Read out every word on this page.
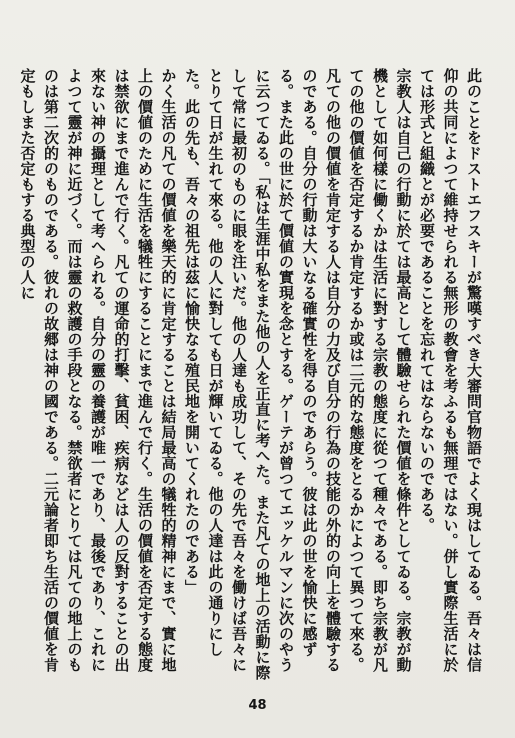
此のことをドストエフスキーが驚嘆すべき大審問官物語でよく現はしてゐる。吾々は信仰の共同によつて維持せられる無形の教會を考ふるも無理ではない。併し實際生活に於ては形式と組織とが必要であることを忘れてはならないのである。

宗教人は自己の行動に於ては最高として體驗せられた價値を條件としてゐる。宗教が動機として如何樣に働くかは生活に對する宗教の態度に從つて種々である。即ち宗教が凡ての他の價値を否定するか肯定するか或は二元的な態度をとるかによつて異つて來る。凡ての他の價値を肯定する人は自分の力及び自分の行為の技能の外的の向上を體驗するのである。自分の行動は大いなる確實性を得るのであらう。彼は此の世を愉快に感ずる。また此の世に於て價値の實現を念とする。ゲーテが曾つてエッケルマンに次のやうに云つてゐる。「私は生涯中私をまた他の人を正直に考へた。また凡ての地上の活動に際して常に最初のものに眼を注いだ。他の人達も成功して、その先で吾々を働けば吾々にとりて日が生れて來る。他の人に對しても日が輝いてゐる。他の人達は此の通りにした。此の先も、吾々の祖先は茲に愉快なる殖民地を開いてくれたのである」

かく生活の凡ての價値を樂天的に肯定することは結局最高の犠牲的精神にまで、實に地上の價値のために生活を犠牲にすることにまで進んで行く。生活の價値を否定する態度は禁欲にまで進んで行く。凡ての運命的打擊、貧困、疾病などは人の反對することの出來ない神の攝理として考へられる。自分の靈の養護が唯一であり、最後であり、これによつて靈が神に近づく。而は靈の救護の手段となる。禁欲者にとりては凡ての地上のものは第二次的のものである。彼れの故郷は神の國である。二元論者即ち生活の價値を肯定もしまた否定もする典型の人に

48
